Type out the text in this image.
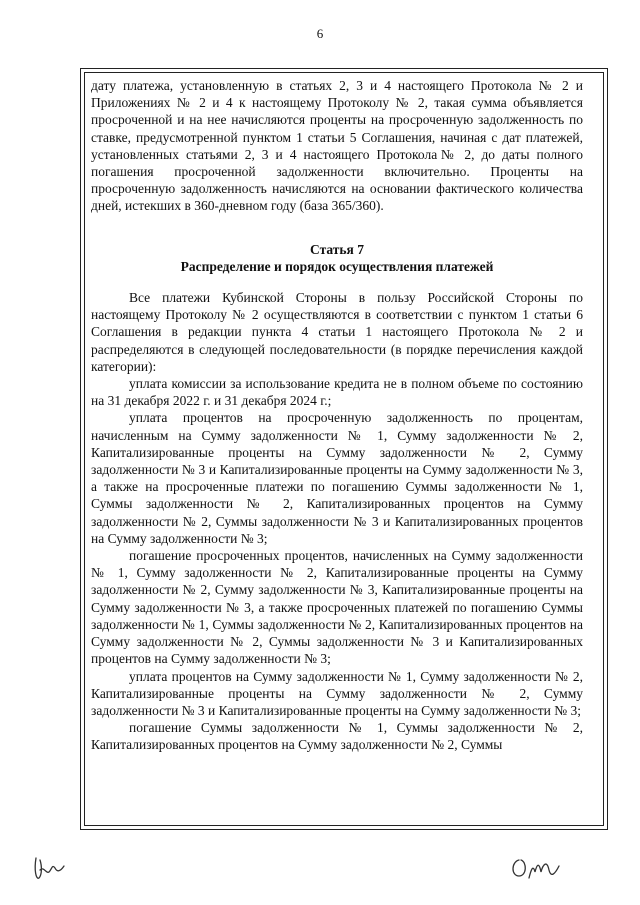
6

дату платежа, установленную в статьях 2, 3 и 4 настоящего Протокола № 2 и Приложениях № 2 и 4 к настоящему Протоколу № 2, такая сумма объявляется просроченной и на нее начисляются проценты на просроченную задолженность по ставке, предусмотренной пунктом 1 статьи 5 Соглашения, начиная с дат платежей, установленных статьями 2, 3 и 4 настоящего Протокола№ 2, до даты полного погашения просроченной задолженности включительно. Проценты на просроченную задолженность начисляются на основании фактического количества дней, истекших в 360-дневном году (база 365/360).

Статья 7
Распределение и порядок осуществления платежей

Все платежи Кубинской Стороны в пользу Российской Стороны по настоящему Протоколу № 2 осуществляются в соответствии с пунктом 1 статьи 6 Соглашения в редакции пункта 4 статьи 1 настоящего Протокола № 2 и распределяются в следующей последовательности (в порядке перечисления каждой категории):

уплата комиссии за использование кредита не в полном объеме по состоянию на 31 декабря 2022 г. и 31 декабря 2024 г.;

уплата процентов на просроченную задолженность по процентам, начисленным на Сумму задолженности № 1, Сумму задолженности № 2, Капитализированные проценты на Сумму задолженности № 2, Сумму задолженности № 3 и Капитализированные проценты на Сумму задолженности № 3, а также на просроченные платежи по погашению Суммы задолженности № 1, Суммы задолженности № 2, Капитализированных процентов на Сумму задолженности № 2, Суммы задолженности № 3 и Капитализированных процентов на Сумму задолженности № 3;

погашение просроченных процентов, начисленных на Сумму задолженности № 1, Сумму задолженности № 2, Капитализированные проценты на Сумму задолженности № 2, Сумму задолженности № 3, Капитализированные проценты на Сумму задолженности № 3, а также просроченных платежей по погашению Суммы задолженности № 1, Суммы задолженности № 2, Капитализированных процентов на Сумму задолженности № 2, Суммы задолженности № 3 и Капитализированных процентов на Сумму задолженности № 3;

уплата процентов на Сумму задолженности № 1, Сумму задолженности № 2, Капитализированные проценты на Сумму задолженности № 2, Сумму задолженности № 3 и Капитализированные проценты на Сумму задолженности № 3;

погашение Суммы задолженности № 1, Суммы задолженности № 2, Капитализированных процентов на Сумму задолженности № 2, Суммы
